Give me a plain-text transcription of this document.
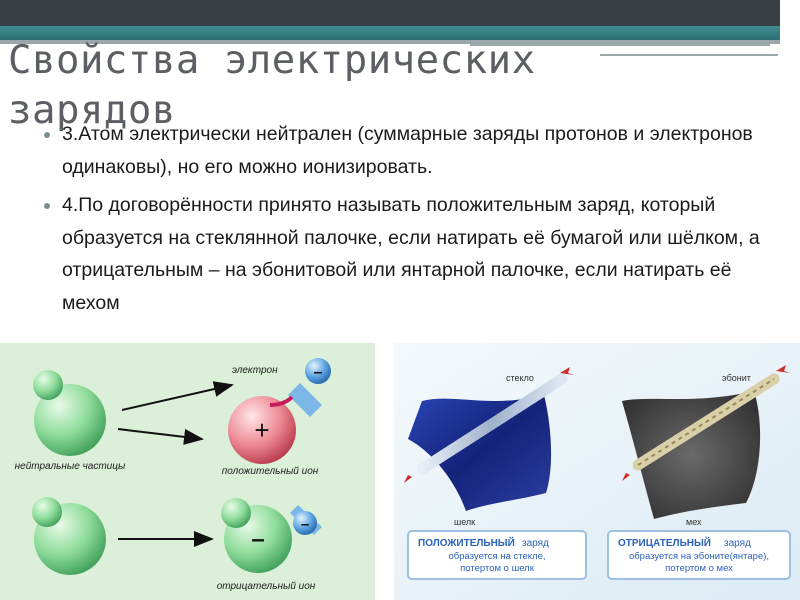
3.Атом электрически нейтрален (суммарные заряды протонов и электронов одинаковы), но его можно ионизировать.
4.По договорённости принято называть положительным заряд, который образуется на стеклянной палочке, если натирать её бумагой или шёлком, а отрицательным – на эбонитовой или янтарной палочке, если натирать её мехом
Свойства электрических зарядов
нейтральные частицы
электрон –
+
положительный ион
–
–
отрицательный ион
стекло
шелк
эбонит
мех
ПОЛОЖИТЕЛЬНЫЙ заряд
образуется на стекле,
потертом о шелк
ОТРИЦАТЕЛЬНЫЙ заряд
образуется на эбоните(янтаре),
потертом о мех
